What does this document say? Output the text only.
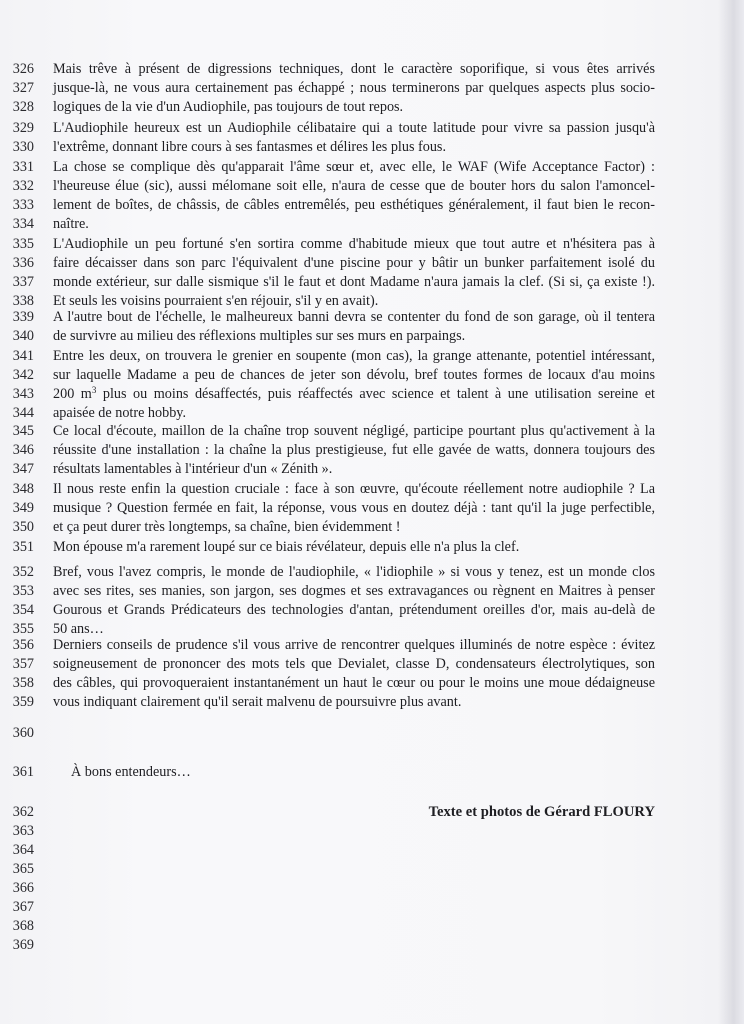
326 Mais trêve à présent de digressions techniques, dont le caractère soporifique, si vous êtes arrivés
327 jusque-là, ne vous aura certainement pas échappé ; nous terminerons par quelques aspects plus socio-
328 logiques de la vie d'un Audiophile, pas toujours de tout repos.
329 L'Audiophile heureux est un Audiophile célibataire qui a toute latitude pour vivre sa passion jusqu'à
330 l'extrême, donnant libre cours à ses fantasmes et délires les plus fous.
331 La chose se complique dès qu'apparait l'âme sœur et, avec elle, le WAF (Wife Acceptance Factor) :
332 l'heureuse élue (sic), aussi mélomane soit elle, n'aura de cesse que de bouter hors du salon l'amoncel-
333 lement de boîtes, de châssis, de câbles entremêlés, peu esthétiques généralement, il faut bien le recon-
334 naître.
335 L'Audiophile un peu fortuné s'en sortira comme d'habitude mieux que tout autre et n'hésitera pas à
336 faire décaisser dans son parc l'équivalent d'une piscine pour y bâtir un bunker parfaitement isolé du
337 monde extérieur, sur dalle sismique s'il le faut et dont Madame n'aura jamais la clef. (Si si, ça existe !).
338 Et seuls les voisins pourraient s'en réjouir, s'il y en avait).
339 A l'autre bout de l'échelle, le malheureux banni devra se contenter du fond de son garage, où il tentera
340 de survivre au milieu des réflexions multiples sur ses murs en parpaings.
341 Entre les deux, on trouvera le grenier en soupente (mon cas), la grange attenante, potentiel intéressant,
342 sur laquelle Madame a peu de chances de jeter son dévolu, bref toutes formes de locaux d'au moins
343 200 $m^3$ plus ou moins désaffectés, puis réaffectés avec science et talent à une utilisation sereine et
344 apaisée de notre hobby.
345 Ce local d'écoute, maillon de la chaîne trop souvent négligé, participe pourtant plus qu'activement à la
346 réussite d'une installation : la chaîne la plus prestigieuse, fut elle gavée de watts, donnera toujours des
347 résultats lamentables à l'intérieur d'un « Zénith ».
348 Il nous reste enfin la question cruciale : face à son œuvre, qu'écoute réellement notre audiophile ? La
349 musique ? Question fermée en fait, la réponse, vous vous en doutez déjà : tant qu'il la juge perfectible,
350 et ça peut durer très longtemps, sa chaîne, bien évidemment !
351 Mon épouse m'a rarement loupé sur ce biais révélateur, depuis elle n'a plus la clef.
352 Bref, vous l'avez compris, le monde de l'audiophile, « l'idiophile » si vous y tenez, est un monde clos
353 avec ses rites, ses manies, son jargon, ses dogmes et ses extravagances ou règnent en Maitres à penser
354 Gourous et Grands Prédicateurs des technologies d'antan, prétendument oreilles d'or, mais au-delà de
355 50 ans…
356 Derniers conseils de prudence s'il vous arrive de rencontrer quelques illuminés de notre espèce : évitez
357 soigneusement de prononcer des mots tels que Devialet, classe D, condensateurs électrolytiques, son
358 des câbles, qui provoqueraient instantanément un haut le cœur ou pour le moins une moue dédaigneuse
359 vous indiquant clairement qu'il serait malvenu de poursuivre plus avant.
360
362
363
364
365
366
367
368
369
361	À bons entendeurs…
Texte et photos de Gérard FLOURY
